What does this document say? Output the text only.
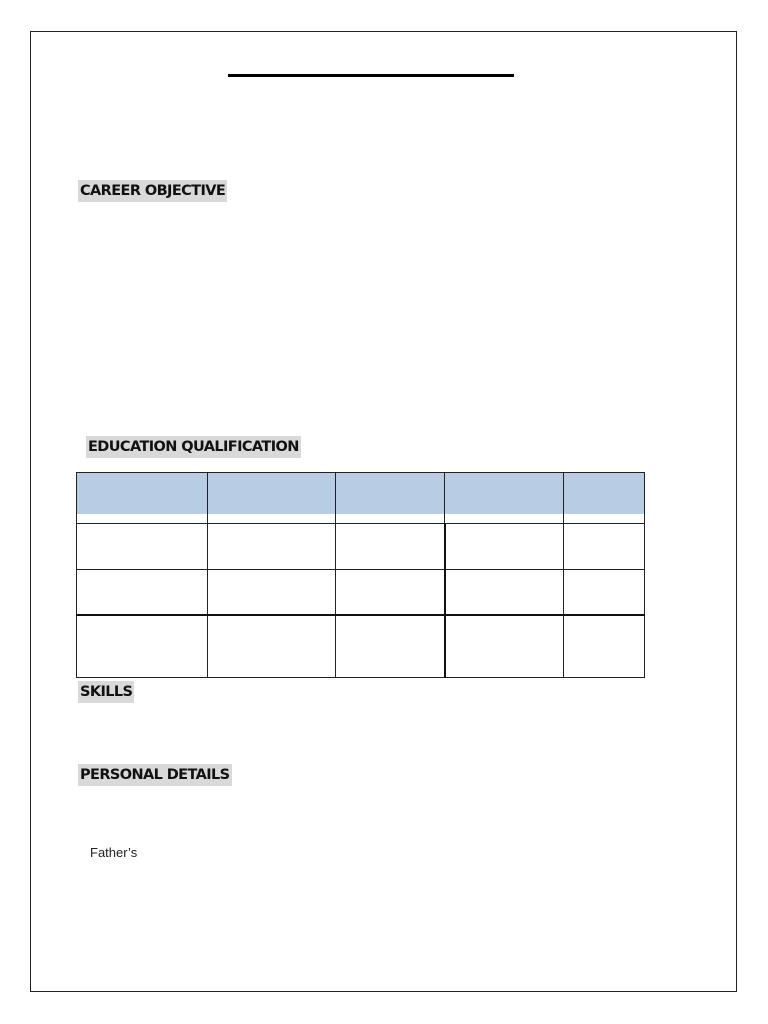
CAREER OBJECTIVE
EDUCATION QUALIFICATION

SKILLS
PERSONAL DETAILS
Father’s
